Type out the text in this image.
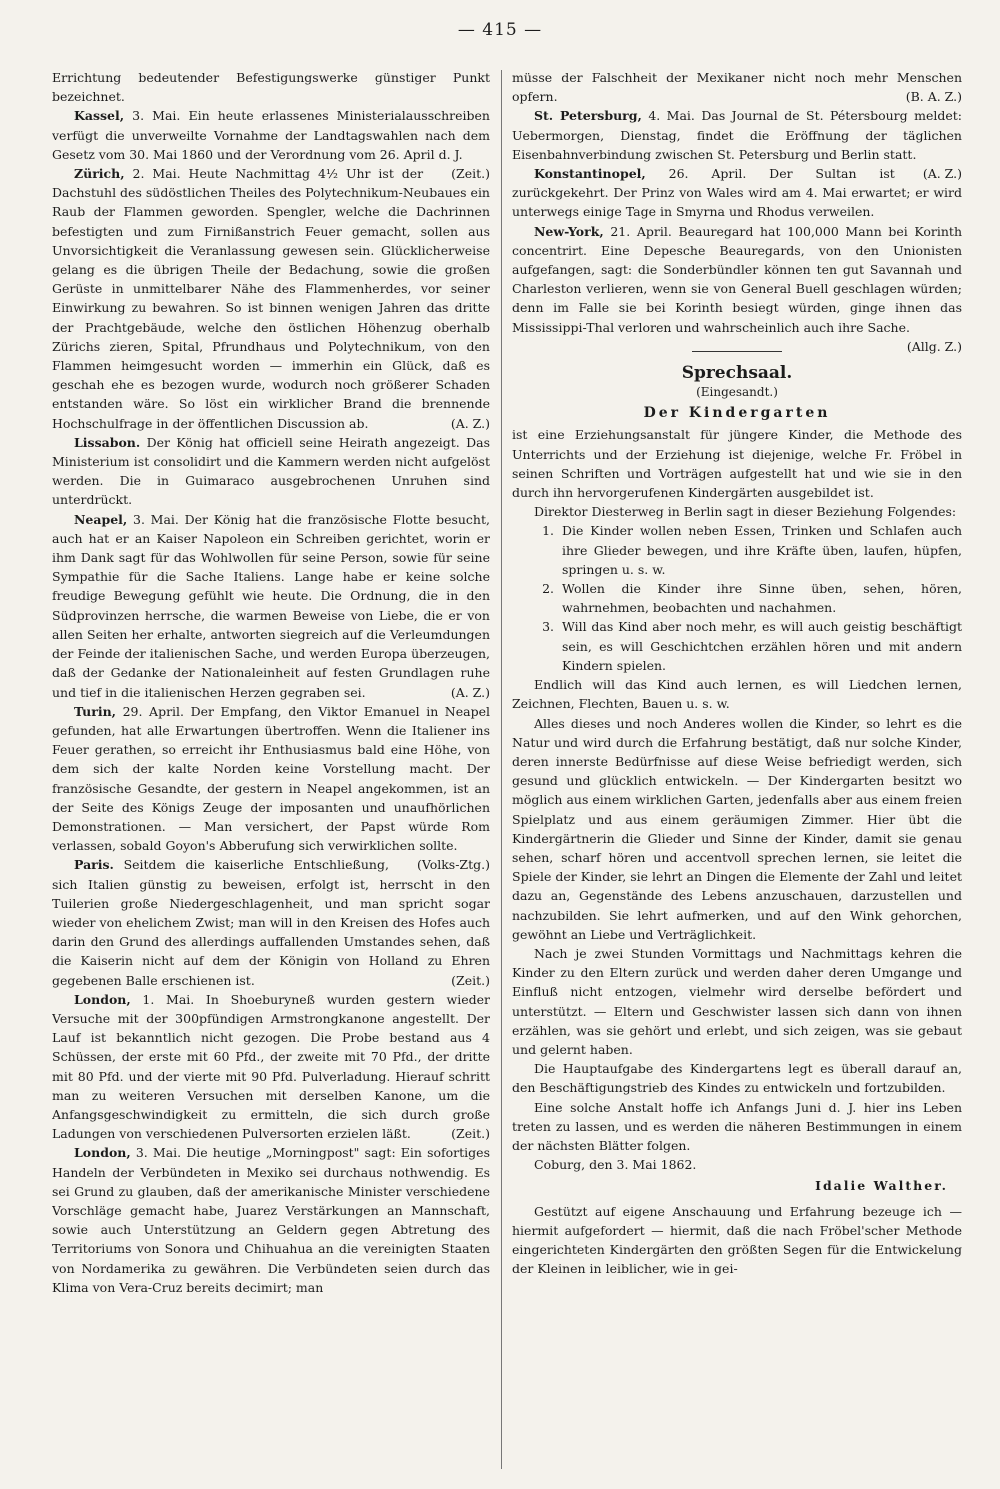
— 415 —

Errichtung bedeutender Befestigungswerke günstiger Punkt bezeichnet.

Kassel, 3. Mai. Ein heute erlassenes Ministerialausschreiben verfügt die unverweilte Vornahme der Landtagswahlen nach dem Gesetz vom 30. Mai 1860 und der Verordnung vom 26. April d. J.
(Zeit.)

Zürich, 2. Mai. Heute Nachmittag 4½ Uhr ist der Dachstuhl des südöstlichen Theiles des Polytechnikum-Neubaues ein Raub der Flammen geworden. Spengler, welche die Dachrinnen befestigten und zum Firnißanstrich Feuer gemacht, sollen aus Unvorsichtigkeit die Veranlassung gewesen sein. Glücklicherweise gelang es die übrigen Theile der Bedachung, sowie die großen Gerüste in unmittelbarer Nähe des Flammenherdes, vor seiner Einwirkung zu bewahren. So ist binnen wenigen Jahren das dritte der Prachtgebäude, welche den östlichen Höhenzug oberhalb Zürichs zieren, Spital, Pfrundhaus und Polytechnikum, von den Flammen heimgesucht worden — immerhin ein Glück, daß es geschah ehe es bezogen wurde, wodurch noch größerer Schaden entstanden wäre. So löst ein wirklicher Brand die brennende Hochschulfrage in der öffentlichen Discussion ab.	(A. Z.)

Lissabon. Der König hat officiell seine Heirath angezeigt. Das Ministerium ist consolidirt und die Kammern werden nicht aufgelöst werden. Die in Guimaraco ausgebrochenen Unruhen sind unterdrückt.

Neapel, 3. Mai. Der König hat die französische Flotte besucht, auch hat er an Kaiser Napoleon ein Schreiben gerichtet, worin er ihm Dank sagt für das Wohlwollen für seine Person, sowie für seine Sympathie für die Sache Italiens. Lange habe er keine solche freudige Bewegung gefühlt wie heute. Die Ordnung, die in den Südprovinzen herrsche, die warmen Beweise von Liebe, die er von allen Seiten her erhalte, antworten siegreich auf die Verleumdungen der Feinde der italienischen Sache, und werden Europa überzeugen, daß der Gedanke der Nationaleinheit auf festen Grundlagen ruhe und tief in die italienischen Herzen gegraben sei.	(A. Z.)

Turin, 29. April. Der Empfang, den Viktor Emanuel in Neapel gefunden, hat alle Erwartungen übertroffen. Wenn die Italiener ins Feuer gerathen, so erreicht ihr Enthusiasmus bald eine Höhe, von dem sich der kalte Norden keine Vorstellung macht. Der französische Gesandte, der gestern in Neapel angekommen, ist an der Seite des Königs Zeuge der imposanten und unaufhörlichen Demonstrationen. — Man versichert, der Papst würde Rom verlassen, sobald Goyon's Abberufung sich verwirklichen sollte.
(Volks-Ztg.)

Paris. Seitdem die kaiserliche Entschließung, sich Italien günstig zu beweisen, erfolgt ist, herrscht in den Tuilerien große Niedergeschlagenheit, und man spricht sogar wieder von ehelichem Zwist; man will in den Kreisen des Hofes auch darin den Grund des allerdings auffallenden Umstandes sehen, daß die Kaiserin nicht auf dem der Königin von Holland zu Ehren gegebenen Balle erschienen ist.	(Zeit.)

London, 1. Mai. In Shoeburyneß wurden gestern wieder Versuche mit der 300pfündigen Armstrongkanone angestellt. Der Lauf ist bekanntlich nicht gezogen. Die Probe bestand aus 4 Schüssen, der erste mit 60 Pfd., der zweite mit 70 Pfd., der dritte mit 80 Pfd. und der vierte mit 90 Pfd. Pulverladung. Hierauf schritt man zu weiteren Versuchen mit derselben Kanone, um die Anfangsgeschwindigkeit zu ermitteln, die sich durch große Ladungen von verschiedenen Pulversorten erzielen läßt.	(Zeit.)

London, 3. Mai. Die heutige „Morningpost" sagt: Ein sofortiges Handeln der Verbündeten in Mexiko sei durchaus nothwendig. Es sei Grund zu glauben, daß der amerikanische Minister verschiedene Vorschläge gemacht habe, Juarez Verstärkungen an Mannschaft, sowie auch Unterstützung an Geldern gegen Abtretung des Territoriums von Sonora und Chihuahua an die vereinigten Staaten von Nordamerika zu gewähren. Die Verbündeten seien durch das Klima von Vera-Cruz bereits decimirt; man

müsse der Falschheit der Mexikaner nicht noch mehr Menschen opfern.	(B. A. Z.)

St. Petersburg, 4. Mai. Das Journal de St. Pétersbourg meldet: Uebermorgen, Dienstag, findet die Eröffnung der täglichen Eisenbahnverbindung zwischen St. Petersburg und Berlin statt.
(A. Z.)

Konstantinopel, 26. April. Der Sultan ist zurückgekehrt. Der Prinz von Wales wird am 4. Mai erwartet; er wird unterwegs einige Tage in Smyrna und Rhodus verweilen.

New-York, 21. April. Beauregard hat 100,000 Mann bei Korinth concentrirt. Eine Depesche Beauregards, von den Unionisten aufgefangen, sagt: die Sonderbündler können ten gut Savannah und Charleston verlieren, wenn sie von General Buell geschlagen würden; denn im Falle sie bei Korinth besiegt würden, ginge ihnen das Mississippi-Thal verloren und wahrscheinlich auch ihre Sache.
(Allg. Z.)

Sprechsaal.

(Eingesandt.)

Der Kindergarten

ist eine Erziehungsanstalt für jüngere Kinder, die Methode des Unterrichts und der Erziehung ist diejenige, welche Fr. Fröbel in seinen Schriften und Vorträgen aufgestellt hat und wie sie in den durch ihn hervorgerufenen Kindergärten ausgebildet ist.

Direktor Diesterweg in Berlin sagt in dieser Beziehung Folgendes:

1. Die Kinder wollen neben Essen, Trinken und Schlafen auch ihre Glieder bewegen, und ihre Kräfte üben, laufen, hüpfen, springen u. s. w.
2. Wollen die Kinder ihre Sinne üben, sehen, hören, wahrnehmen, beobachten und nachahmen.
3. Will das Kind aber noch mehr, es will auch geistig beschäftigt sein, es will Geschichtchen erzählen hören und mit andern Kindern spielen.

Endlich will das Kind auch lernen, es will Liedchen lernen, Zeichnen, Flechten, Bauen u. s. w.

Alles dieses und noch Anderes wollen die Kinder, so lehrt es die Natur und wird durch die Erfahrung bestätigt, daß nur solche Kinder, deren innerste Bedürfnisse auf diese Weise befriedigt werden, sich gesund und glücklich entwickeln. — Der Kindergarten besitzt wo möglich aus einem wirklichen Garten, jedenfalls aber aus einem freien Spielplatz und aus einem geräumigen Zimmer. Hier übt die Kindergärtnerin die Glieder und Sinne der Kinder, damit sie genau sehen, scharf hören und accentvoll sprechen lernen, sie leitet die Spiele der Kinder, sie lehrt an Dingen die Elemente der Zahl und leitet dazu an, Gegenstände des Lebens anzuschauen, darzustellen und nachzubilden. Sie lehrt aufmerken, und auf den Wink gehorchen, gewöhnt an Liebe und Verträglichkeit.

Nach je zwei Stunden Vormittags und Nachmittags kehren die Kinder zu den Eltern zurück und werden daher deren Umgange und Einfluß nicht entzogen, vielmehr wird derselbe befördert und unterstützt. — Eltern und Geschwister lassen sich dann von ihnen erzählen, was sie gehört und erlebt, und sich zeigen, was sie gebaut und gelernt haben.

Die Hauptaufgabe des Kindergartens legt es überall darauf an, den Beschäftigungstrieb des Kindes zu entwickeln und fortzubilden.

Eine solche Anstalt hoffe ich Anfangs Juni d. J. hier ins Leben treten zu lassen, und es werden die näheren Bestimmungen in einem der nächsten Blätter folgen.

Coburg, den 3. Mai 1862.

Idalie Walther.

Gestützt auf eigene Anschauung und Erfahrung bezeuge ich — hiermit aufgefordert — hiermit, daß die nach Fröbel'scher Methode eingerichteten Kindergärten den größten Segen für die Entwickelung der Kleinen in leiblicher, wie in gei-
